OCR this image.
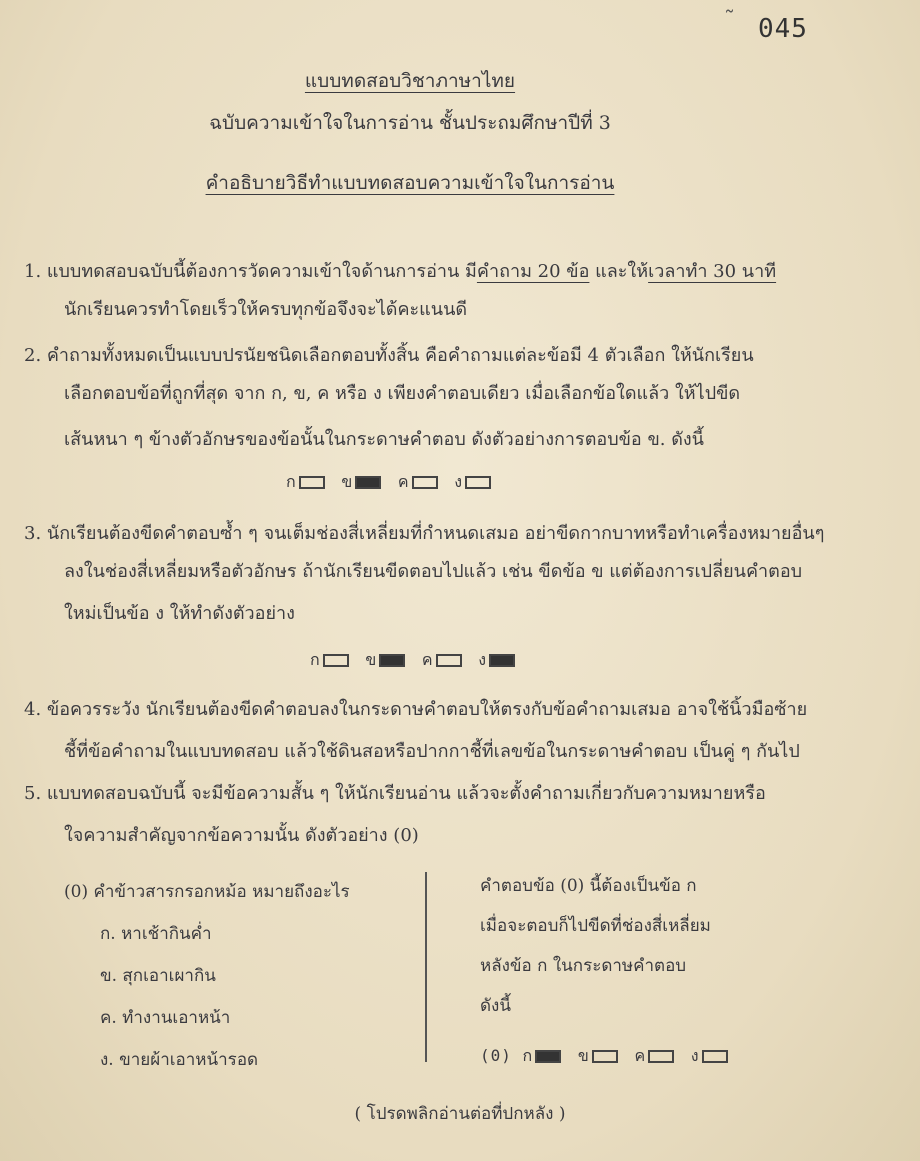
˜ 045
แบบทดสอบวิชาภาษาไทย
ฉบับความเข้าใจในการอ่าน ชั้นประถมศึกษาปีที่ 3
คำอธิบายวิธีทำแบบทดสอบความเข้าใจในการอ่าน
1. แบบทดสอบฉบับนี้ต้องการวัดความเข้าใจด้านการอ่าน มีคำถาม 20 ข้อ และให้เวลาทำ 30 นาที
นักเรียนควรทำโดยเร็วให้ครบทุกข้อจึงจะได้คะแนนดี
2. คำถามทั้งหมดเป็นแบบปรนัยชนิดเลือกตอบทั้งสิ้น คือคำถามแต่ละข้อมี 4 ตัวเลือก ให้นักเรียน
เลือกตอบข้อที่ถูกที่สุด จาก ก, ข, ค หรือ ง เพียงคำตอบเดียว เมื่อเลือกข้อใดแล้ว ให้ไปขีด
เส้นหนา ๆ ข้างตัวอักษรของข้อนั้นในกระดาษคำตอบ ดังตัวอย่างการตอบข้อ ข. ดังนี้
ก	ข	ค	ง
3. นักเรียนต้องขีดคำตอบซ้ำ ๆ จนเต็มช่องสี่เหลี่ยมที่กำหนดเสมอ อย่าขีดกากบาทหรือทำเครื่องหมายอื่นๆ
ลงในช่องสี่เหลี่ยมหรือตัวอักษร ถ้านักเรียนขีดตอบไปแล้ว เช่น ขีดข้อ ข แต่ต้องการเปลี่ยนคำตอบ
ใหม่เป็นข้อ ง ให้ทำดังตัวอย่าง
ก	ข	ค	ง
4. ข้อควรระวัง นักเรียนต้องขีดคำตอบลงในกระดาษคำตอบให้ตรงกับข้อคำถามเสมอ อาจใช้นิ้วมือซ้าย
ชี้ที่ข้อคำถามในแบบทดสอบ แล้วใช้ดินสอหรือปากกาชี้ที่เลขข้อในกระดาษคำตอบ เป็นคู่ ๆ กันไป
5. แบบทดสอบฉบับนี้ จะมีข้อความสั้น ๆ ให้นักเรียนอ่าน แล้วจะตั้งคำถามเกี่ยวกับความหมายหรือ
ใจความสำคัญจากข้อความนั้น ดังตัวอย่าง (0)
(0) คำข้าวสารกรอกหม้อ หมายถึงอะไร
ก. หาเช้ากินค่ำ
ข. สุกเอาเผากิน
ค. ทำงานเอาหน้า
ง. ขายผ้าเอาหน้ารอด
คำตอบข้อ (0) นี้ต้องเป็นข้อ ก
เมื่อจะตอบก็ไปขีดที่ช่องสี่เหลี่ยม
หลังข้อ ก ในกระดาษคำตอบ
ดังนี้
(0) ก	ข	ค	ง
( โปรดพลิกอ่านต่อที่ปกหลัง )
